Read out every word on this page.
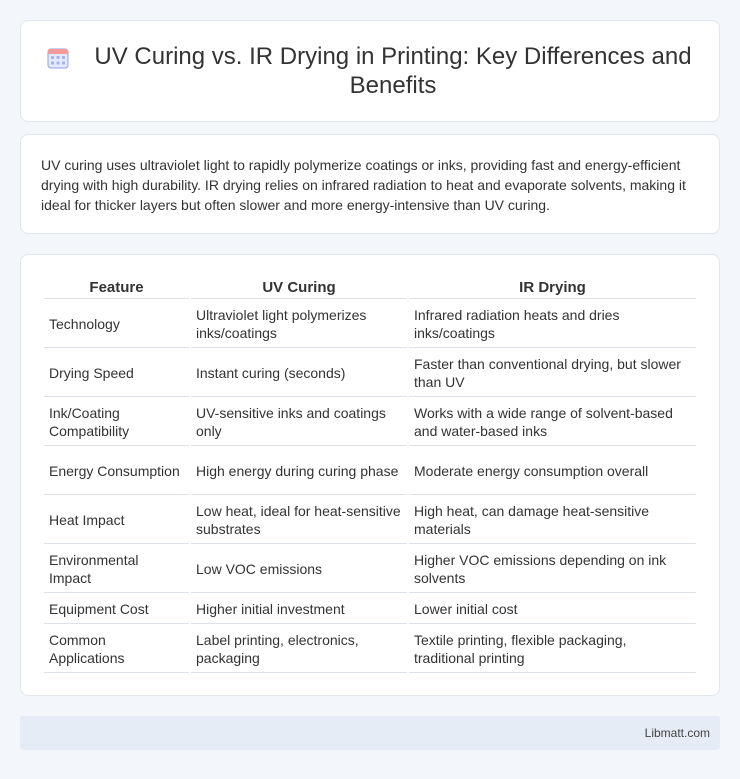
UV Curing vs. IR Drying in Printing: Key Differences and Benefits

UV curing uses ultraviolet light to rapidly polymerize coatings or inks, providing fast and energy-efficient drying with high durability. IR drying relies on infrared radiation to heat and evaporate solvents, making it ideal for thicker layers but often slower and more energy-intensive than UV curing.

Feature	UV Curing	IR Drying
Technology	Ultraviolet light polymerizes inks/coatings	Infrared radiation heats and dries inks/coatings
Drying Speed	Instant curing (seconds)	Faster than conventional drying, but slower than UV
Ink/Coating Compatibility	UV-sensitive inks and coatings only	Works with a wide range of solvent-based and water-based inks
Energy Consumption	High energy during curing phase	Moderate energy consumption overall
Heat Impact	Low heat, ideal for heat-sensitive substrates	High heat, can damage heat-sensitive materials
Environmental Impact	Low VOC emissions	Higher VOC emissions depending on ink solvents
Equipment Cost	Higher initial investment	Lower initial cost
Common Applications	Label printing, electronics, packaging	Textile printing, flexible packaging, traditional printing
Libmatt.com
